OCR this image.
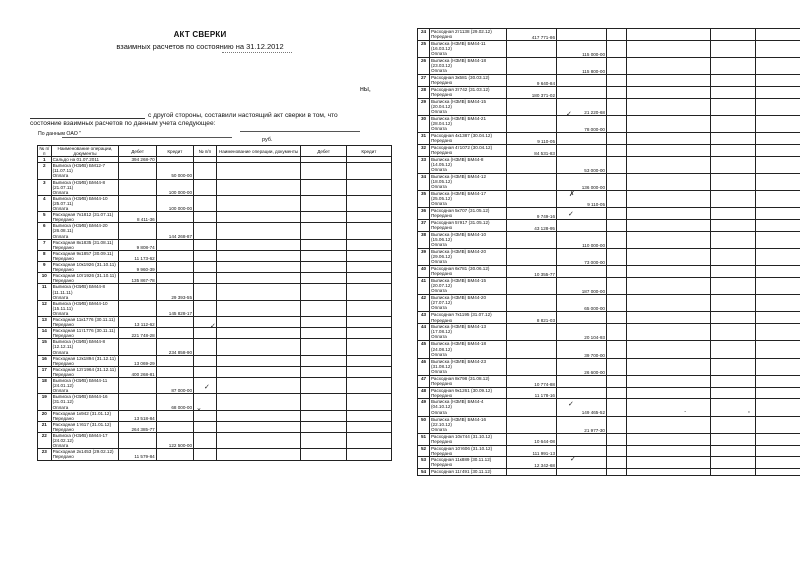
АКТ СВЕРКИ
взаимных расчетов по состоянию на 31.12.2012
ны,
с другой стороны, составили настоящий акт сверки в том, что состояние взаимных расчетов по данным учета следующее:
По данным ОАО "
руб.
№ п/п	Наименование операции, документы	Дебет	Кредит	№ п/п	Наименование операции, документы	Дебет	Кредит
1	Сальдо на 01.07.2011	394 268-70					
2	Выписка (НЗИВ) БМ12-7
(11.07.11)
Оплата		50 000-00				
3	Выписка (НЗИВ) БМ44-8
(21.07.11)
Оплата		100 000-00				
4	Выписка (НЗИВ) БМ44-10
(25.07.11)
Оплата		100 000-00				
5	Расходная 7к1812 (31.07.11)
Передано	8 411-36					
6	Выписка (НЗИВ) БМ44-20
(26.08.11)
Оплата		144 268-87				
7	Расходная 8к1835 (31.08.11)
Передано	9 808-74					
8	Расходная 9к1857 (30.09.11)
Передано	11 173-62					
9	Расходная 10к1926 (31.10.11)
Передано	9 960-39					
10	Расходная 10т1926 (31.10.11)
Передано	135 867-78					
11	Выписка (НЗИВ) БМ44-8
(11.11.11)
Оплата		29 393-55				
12	Выписка (НЗИВ) БМ44-10
(15.11.11)
Оплата		145 828-17				
13	Расходная 11к1776 (30.11.11)
Передано	13 112-62					
14	Расходная 11т1776 (30.11.11)
Передано	221 748-28					
15	Выписка (НЗИВ) БМ44-8
(12.12.11)
Оплата		234 858-90				
16	Расходная 12к1894 (31.12.11)
Передано	13 069-29					
17	Расходная 12т1964 (31.12.11)
Передано	400 268-81					
18	Выписка (НЗИВ) БМ44-11
(24.01.12)
Оплата		87 000-00				
19	Выписка (НЗИВ) БМ44-16
(31.01.12)
Оплата		68 000-00				
20	Расходная 1к942 (31.01.12)
Передано	13 518-84					
21	Расходная 1т617 (31.01.12)
Передано	264 385-77					
22	Выписка (НЗИВ) БМ44-17
(24.02.12)
Оплата		122 500-00				
23	Расходная 2к1453 (29.02.12)
Передано	11 579-84					
✓
✓
⌄
24	Расходная 2т1138 (29.02.12)
Передано	417 771-86					
25	Выписка (НЗИВ) БМ44-11
(16.03.12)
Оплата		115 000-00				
26	Выписка (НЗИВ) БМ44-18
(23.03.12)
Оплата		115 800-00				
27	Расходная 3к581 (30.03.12)
Передано	9 640-84					
28	Расходная 3т742 (31.03.12)
Передано	180 371-02					
29	Выписка (НЗИВ) БМ44-15
(20.04.12)
Оплата		21 220-68				
30	Выписка (НЗИВ) БМ44-21
(28.04.12)
Оплата		78 000-00				
31	Расходная 4к1387 (30.04.12)
Передано	9 110-05					
32	Расходная 4т1072 (30.04.12)
Передано	84 531-83					
33	Выписка (НЗИВ) БМ44-8
(14.05.12)
Оплата		53 000-00				
34	Выписка (НЗИВ) БМ44-12
(18.05.12)
Оплата		136 000-00				
35	Выписка (НЗИВ) БМ44-17
(25.05.12)
Оплата		9 110-05				
36	Расходная 5к707 (31.05.12)
Передано	9 749-16					
37	Расходная 5т917 (31.05.12)
Передано	43 128-95					
38	Выписка (НЗИВ) БМ44-10
(15.06.12)
Оплата		110 000-00				
39	Выписка (НЗИВ) БМ44-20
(29.06.12)
Оплата		73 000-00				
40	Расходная 6к781 (30.06.12)
Передано	10 355-77					
41	Выписка (НЗИВ) БМ44-15
(20.07.12)
Оплата		187 000-00				
42	Выписка (НЗИВ) БМ44-20
(27.07.12)
Оплата		65 000-00				
43	Расходная 7к1195 (31.07.12)
Передано	8 821-03					
44	Выписка (НЗИВ) БМ44-13
(17.08.12)
Оплата		20 104-93				
45	Выписка (НЗИВ) БМ44-18
(24.08.12)
Оплата		39 700-00				
46	Выписка (НЗИВ) БМ44-23
(31.08.12)
Оплата		26 600-00				
47	Расходная 8к798 (31.08.12)
Передано	10 774-88					
48	Расходная 9к1261 (30.09.12)
Передано	11 178-16					
49	Выписка (НЗИВ) БМ44-4
(04.10.12)
Оплата		149 465-52				
50	Выписка (НЗИВ) БМ44-16
(22.10.12)
Оплата		21 977-30				
51	Расходная 10к744 (31.10.12)
Передано	10 644-08					
52	Расходная 10т606 (31.10.12)
Передано	111 991-13					
53	Расходная 11к889 (30.11.12)
Передано	12 342-68					
54	Расходная 11т491 (30.11.12)						

✓
✗
✓
✓
✓
·	'
